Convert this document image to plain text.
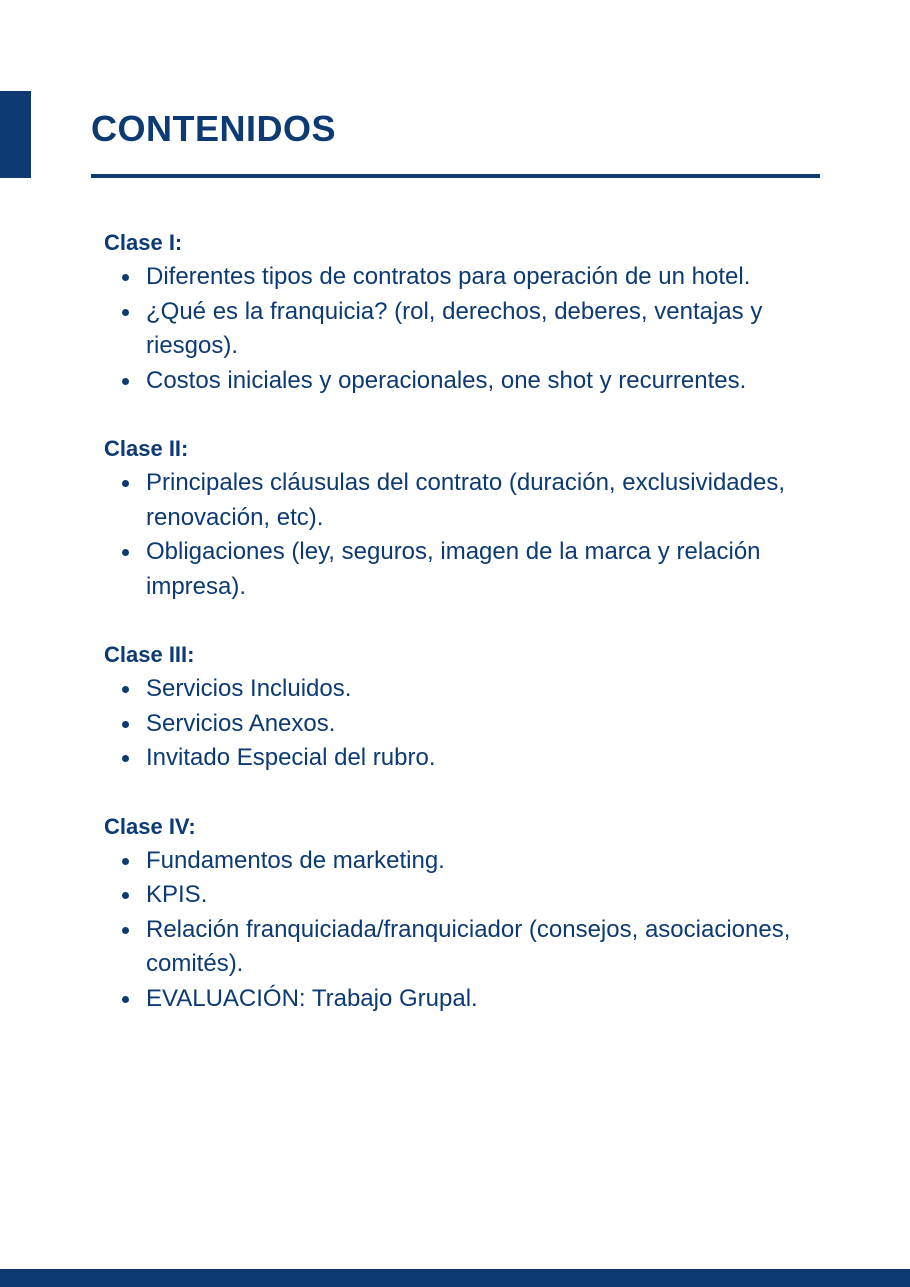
CONTENIDOS
Clase I:
Diferentes tipos de contratos para operación de un hotel.
¿Qué es la franquicia? (rol, derechos, deberes, ventajas y riesgos).
Costos iniciales y operacionales, one shot y recurrentes.
Clase II:
Principales cláusulas del contrato (duración, exclusividades, renovación, etc).
Obligaciones (ley, seguros, imagen de la marca y relación impresa).
Clase III:
Servicios Incluidos.
Servicios Anexos.
Invitado Especial del rubro.
Clase IV:
Fundamentos de marketing.
KPIS.
Relación franquiciada/franquiciador (consejos, asociaciones, comités).
EVALUACIÓN: Trabajo Grupal.
